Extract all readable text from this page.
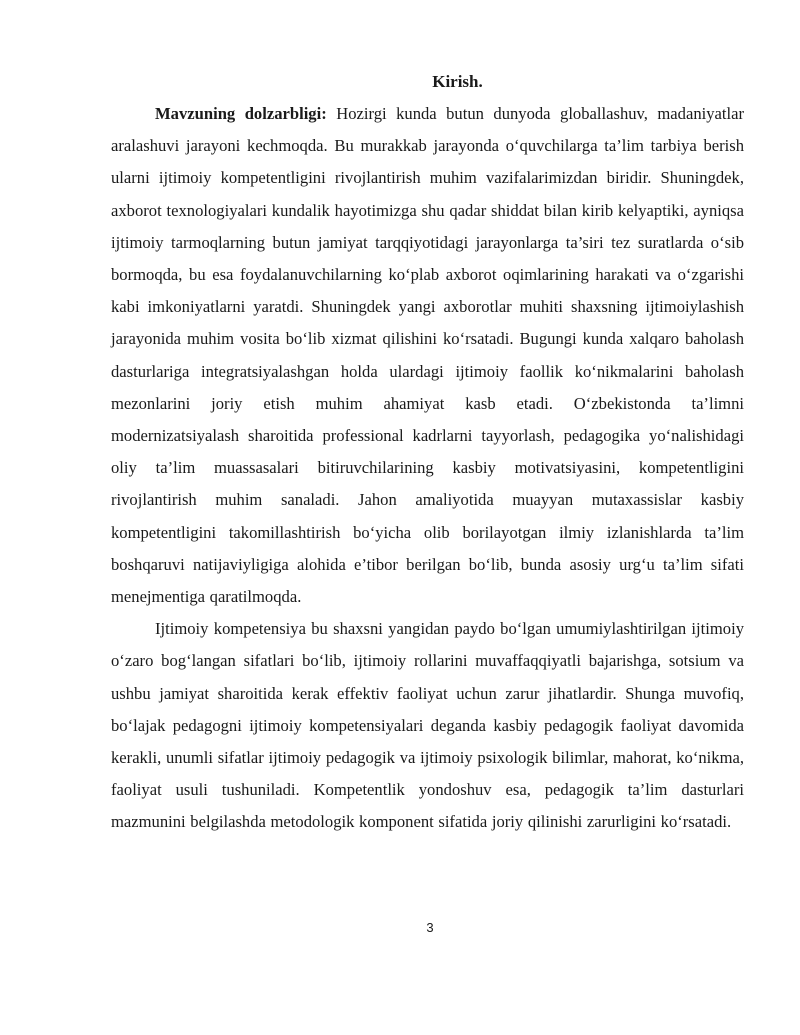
Kirish.

Mavzuning dolzarbligi: Hozirgi kunda butun dunyoda globallashuv, madaniyatlar aralashuvi jarayoni kechmoqda. Bu murakkab jarayonda o‘quvchilarga ta’lim tarbiya berish ularni ijtimoiy kompetentligini rivojlantirish muhim vazifalarimizdan biridir. Shuningdek, axborot texnologiyalari kundalik hayotimizga shu qadar shiddat bilan kirib kelyaptiki, ayniqsa ijtimoiy tarmoqlarning butun jamiyat tarqqiyotidagi jarayonlarga ta’siri tez suratlarda o‘sib bormoqda, bu esa foydalanuvchilarning ko‘plab axborot oqimlarining harakati va o‘zgarishi kabi imkoniyatlarni yaratdi. Shuningdek yangi axborotlar muhiti shaxsning ijtimoiylashish jarayonida muhim vosita bo‘lib xizmat qilishini ko‘rsatadi. Bugungi kunda xalqaro baholash dasturlariga integratsiyalashgan holda ulardagi ijtimoiy faollik ko‘nikmalarini baholash mezonlarini joriy etish muhim ahamiyat kasb etadi. O‘zbekistonda ta’limni modernizatsiyalash sharoitida professional kadrlarni tayyorlash, pedagogika yo‘nalishidagi oliy ta’lim muassasalari bitiruvchilarining kasbiy motivatsiyasini, kompetentligini rivojlantirish muhim sanaladi. Jahon amaliyotida muayyan mutaxassislar kasbiy kompetentligini takomillashtirish bo‘yicha olib borilayotgan ilmiy izlanishlarda ta’lim boshqaruvi natijaviyligiga alohida e’tibor berilgan bo‘lib, bunda asosiy urg‘u ta’lim sifati menejmentiga qaratilmoqda.

Ijtimoiy kompetensiya bu shaxsni yangidan paydo bo‘lgan umumiylashtirilgan ijtimoiy o‘zaro bog‘langan sifatlari bo‘lib, ijtimoiy rollarini muvaffaqqiyatli bajarishga, sotsium va ushbu jamiyat sharoitida kerak effektiv faoliyat uchun zarur jihatlardir. Shunga muvofiq, bo‘lajak pedagogni ijtimoiy kompetensiyalari deganda kasbiy pedagogik faoliyat davomida kerakli, unumli sifatlar ijtimoiy pedagogik va ijtimoiy psixologik bilimlar, mahorat, ko‘nikma, faoliyat usuli tushuniladi. Kompetentlik yondoshuv esa, pedagogik ta’lim dasturlari mazmunini belgilashda metodologik komponent sifatida joriy qilinishi zarurligini ko‘rsatadi.

3
